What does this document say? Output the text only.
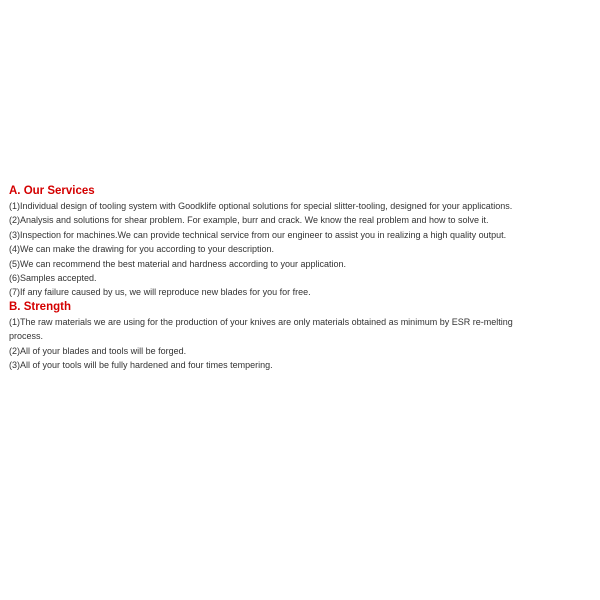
A. Our Services

(1)Individual design of tooling system with Goodklife optional solutions for special slitter-tooling, designed for your applications.

(2)Analysis and solutions for shear problem. For example, burr and crack. We know the real problem and how to solve it.

(3)Inspection for machines.We can provide technical service from our engineer to assist you in realizing a high quality output.

(4)We can make the drawing for you according to your description.

(5)We can recommend the best material and hardness according to your application.

(6)Samples accepted.

(7)If any failure caused by us, we will reproduce new blades for you for free.

B. Strength

(1)The raw materials we are using for the production of your knives are only materials obtained as minimum by ESR re-melting process.

(2)All of your blades and tools will be forged.

(3)All of your tools will be fully hardened and four times tempering.
